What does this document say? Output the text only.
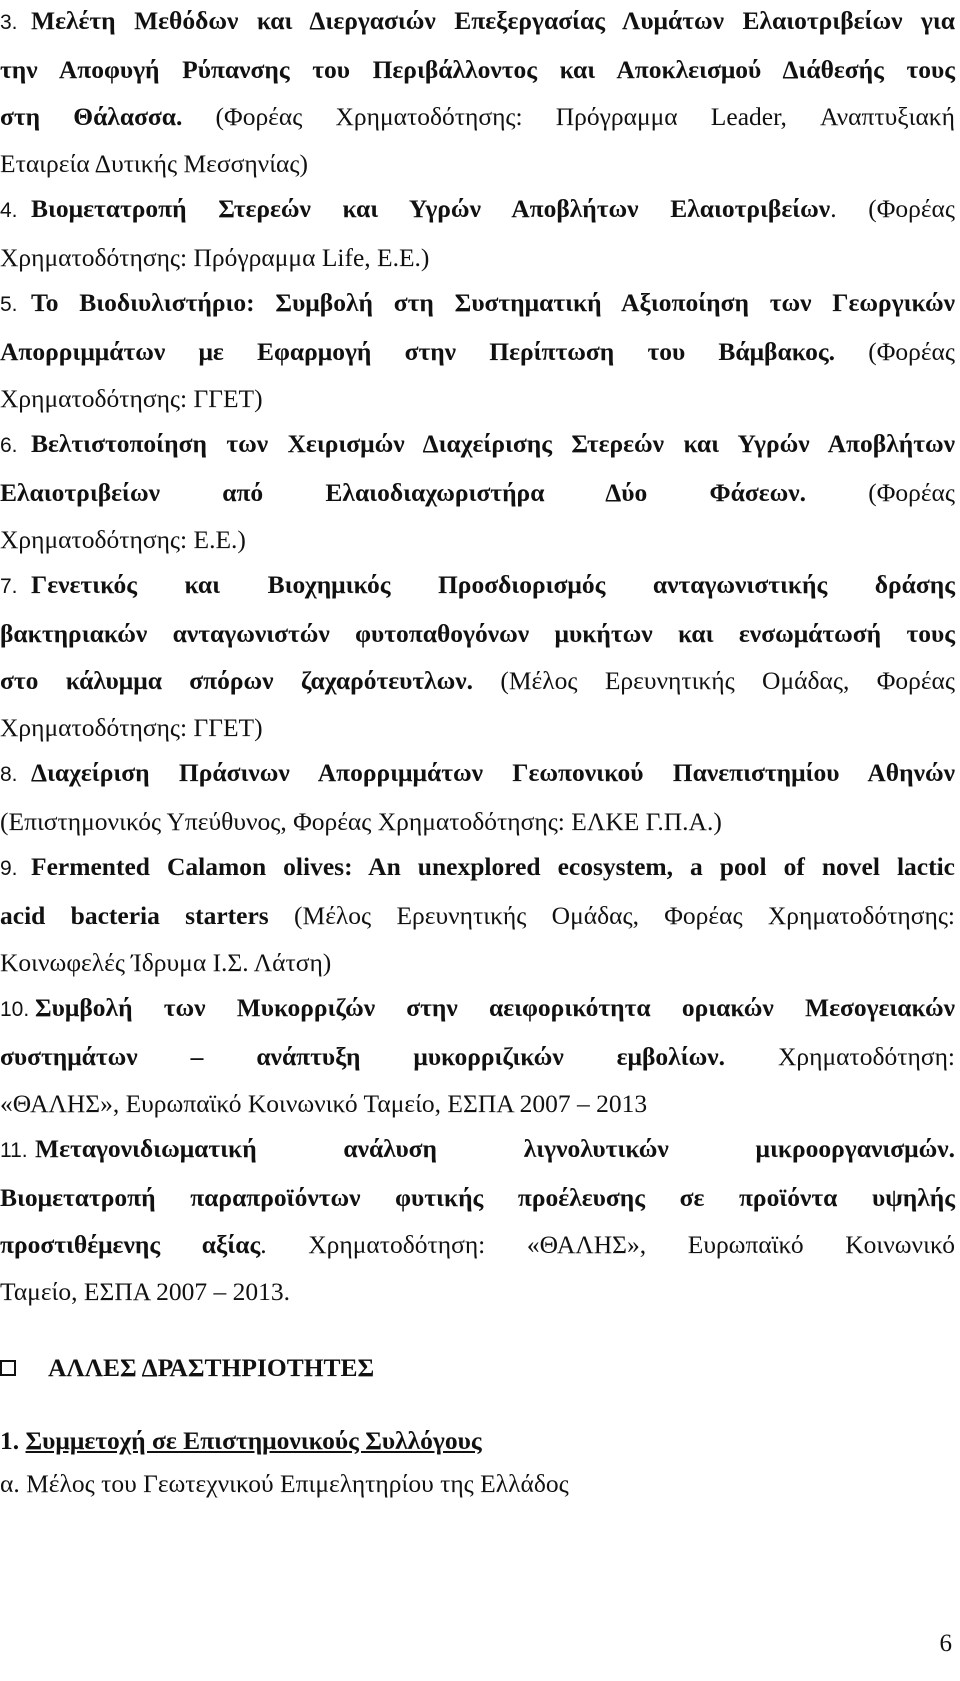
3. Μελέτη Μεθόδων και Διεργασιών Επεξεργασίας Λυμάτων Ελαιοτριβείων για
την Αποφυγή Ρύπανσης του Περιβάλλοντος και Αποκλεισμού Διάθεσής τους
στη Θάλασσα. (Φορέας Χρηματοδότησης: Πρόγραμμα Leader, Αναπτυξιακή
Εταιρεία Δυτικής Μεσσηνίας)
4. Βιομετατροπή Στερεών και Υγρών Αποβλήτων Ελαιοτριβείων. (Φορέας
Χρηματοδότησης: Πρόγραμμα Life, Ε.Ε.)
5. Το Βιοδιυλιστήριο: Συμβολή στη Συστηματική Αξιοποίηση των Γεωργικών
Απορριμμάτων με Εφαρμογή στην Περίπτωση του Βάμβακος. (Φορέας
Χρηματοδότησης: ΓΓΕΤ)
6. Βελτιστοποίηση των Χειρισμών Διαχείρισης Στερεών και Υγρών Αποβλήτων
Ελαιοτριβείων από Ελαιοδιαχωριστήρα Δύο Φάσεων. (Φορέας
Χρηματοδότησης: Ε.Ε.)
7. Γενετικός και Βιοχημικός Προσδιορισμός ανταγωνιστικής δράσης
βακτηριακών ανταγωνιστών φυτοπαθογόνων μυκήτων και ενσωμάτωσή τους
στο κάλυμμα σπόρων ζαχαρότευτλων. (Μέλος Ερευνητικής Ομάδας, Φορέας
Χρηματοδότησης: ΓΓΕΤ)
8. Διαχείριση Πράσινων Απορριμμάτων Γεωπονικού Πανεπιστημίου Αθηνών
(Επιστημονικός Υπεύθυνος, Φορέας Χρηματοδότησης: ΕΛΚΕ Γ.Π.Α.)
9. Fermented Calamon olives: An unexplored ecosystem, a pool of novel lactic
acid bacteria starters (Μέλος Ερευνητικής Ομάδας, Φορέας Χρηματοδότησης:
Κοινωφελές Ίδρυμα Ι.Σ. Λάτση)
10. Συμβολή των Μυκορριζών στην αειφορικότητα οριακών Μεσογειακών
συστημάτων – ανάπτυξη μυκορριζικών εμβολίων. Χρηματοδότηση:
«ΘΑΛΗΣ», Ευρωπαϊκό Κοινωνικό Ταμείο, ΕΣΠΑ 2007 – 2013
11. Μεταγονιδιωματική ανάλυση λιγνολυτικών μικροοργανισμών.
Βιομετατροπή παραπροϊόντων φυτικής προέλευσης σε προϊόντα υψηλής
προστιθέμενης αξίας. Χρηματοδότηση: «ΘΑΛΗΣ», Ευρωπαϊκό Κοινωνικό
Ταμείο, ΕΣΠΑ 2007 – 2013.
ΑΛΛΕΣ ΔΡΑΣΤΗΡΙΟΤΗΤΕΣ
1. Συμμετοχή σε Επιστημονικούς Συλλόγους
α. Μέλος του Γεωτεχνικού Επιμελητηρίου της Ελλάδος
6
